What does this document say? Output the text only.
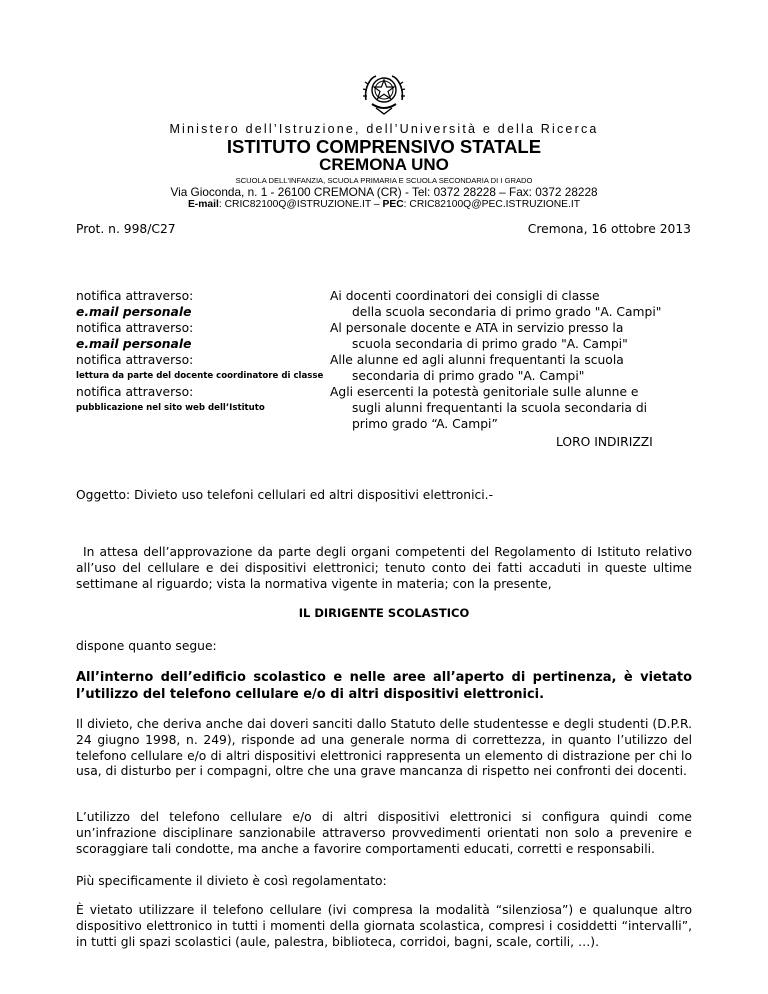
Ministero dell’Istruzione, dell’Università e della Ricerca
ISTITUTO COMPRENSIVO STATALE
CREMONA UNO
SCUOLA DELL'INFANZIA, SCUOLA PRIMARIA E SCUOLA SECONDARIA DI I GRADO
Via Gioconda, n. 1 - 26100 CREMONA (CR) - Tel: 0372 28228 – Fax: 0372 28228
E-mail: CRIC82100Q@ISTRUZIONE.IT – PEC: CRIC82100Q@PEC.ISTRUZIONE.IT
Prot. n. 998/C27	Cremona, 16 ottobre 2013
notifica attraverso:
e.mail personale
notifica attraverso:
e.mail personale
notifica attraverso:
lettura da parte del docente coordinatore di classe
notifica attraverso:
pubblicazione nel sito web dell’Istituto
Ai docenti coordinatori dei consigli di classe
della scuola secondaria di primo grado "A. Campi"
Al personale docente e ATA in servizio presso la
scuola secondaria di primo grado "A. Campi"
Alle alunne ed agli alunni frequentanti la scuola
secondaria di primo grado "A. Campi"
Agli esercenti la potestà genitoriale sulle alunne e
sugli alunni frequentanti la scuola secondaria di
primo grado “A. Campi”
LORO INDIRIZZI
Oggetto: Divieto uso telefoni cellulari ed altri dispositivi elettronici.-
In attesa dell’approvazione da parte degli organi competenti del Regolamento di Istituto relativo all’uso del cellulare e dei dispositivi elettronici; tenuto conto dei fatti accaduti in queste ultime settimane al riguardo; vista la normativa vigente in materia; con la presente,
IL DIRIGENTE SCOLASTICO
dispone quanto segue:
All’interno dell’edificio scolastico e nelle aree all’aperto di pertinenza, è vietato l’utilizzo del telefono cellulare e/o di altri dispositivi elettronici.
Il divieto, che deriva anche dai doveri sanciti dallo Statuto delle studentesse e degli studenti (D.P.R. 24 giugno 1998, n. 249), risponde ad una generale norma di correttezza, in quanto l’utilizzo del telefono cellulare e/o di altri dispositivi elettronici rappresenta un elemento di distrazione per chi lo usa, di disturbo per i compagni, oltre che una grave mancanza di rispetto nei confronti dei docenti.
L’utilizzo del telefono cellulare e/o di altri dispositivi elettronici si configura quindi come un’infrazione disciplinare sanzionabile attraverso provvedimenti orientati non solo a prevenire e scoraggiare tali condotte, ma anche a favorire comportamenti educati, corretti e responsabili.
Più specificamente il divieto è così regolamentato:
È vietato utilizzare il telefono cellulare (ivi compresa la modalità “silenziosa”) e qualunque altro dispositivo elettronico in tutti i momenti della giornata scolastica, compresi i cosiddetti “intervalli”, in tutti gli spazi scolastici (aule, palestra, biblioteca, corridoi, bagni, scale, cortili, …).
